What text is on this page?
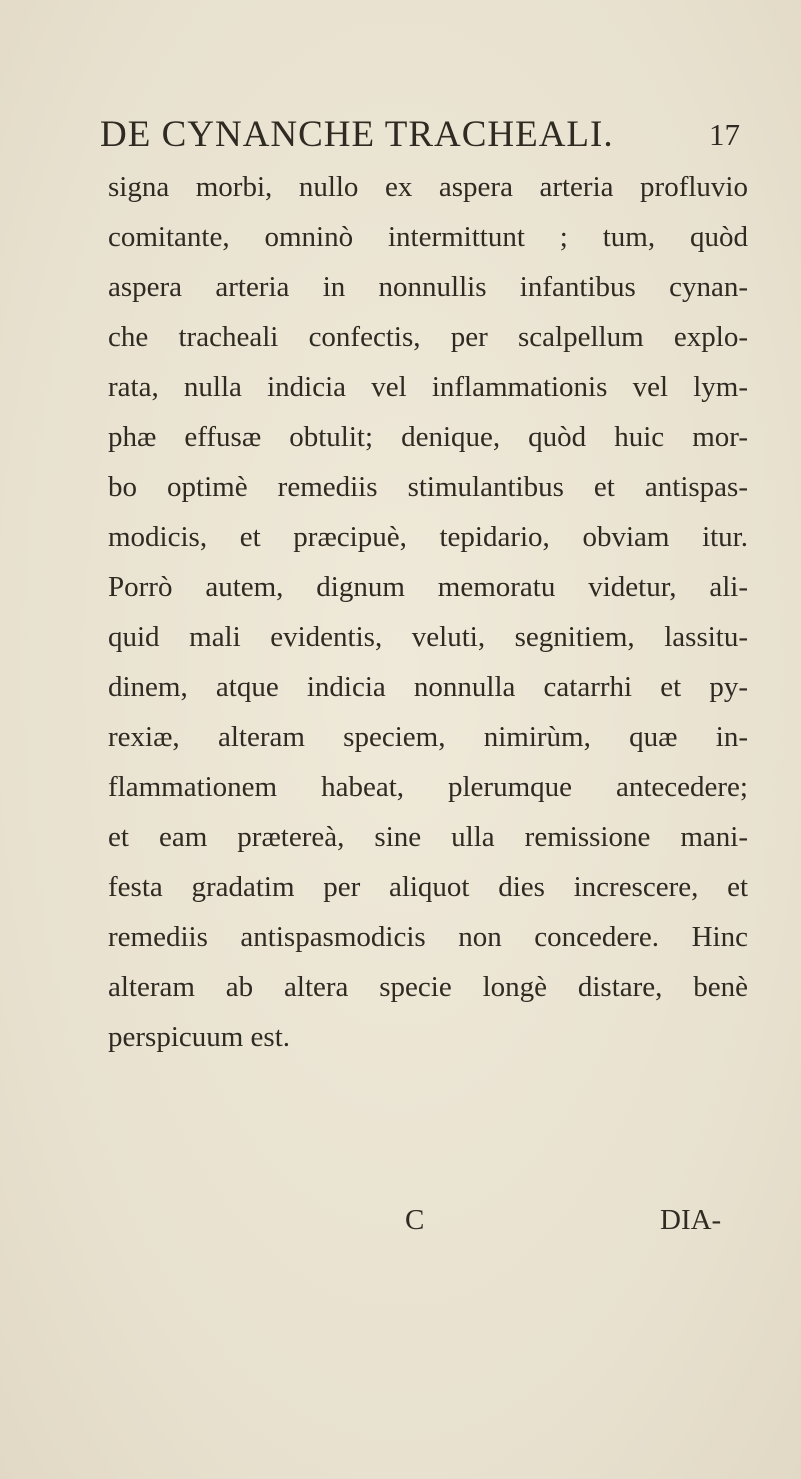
DE CYNANCHE TRACHEALI.	17
signa morbi, nullo ex aspera arteria profluvio
comitante, omninò intermittunt ; tum, quòd
aspera arteria in nonnullis infantibus cynan-
che tracheali confectis, per scalpellum explo-
rata, nulla indicia vel inflammationis vel lym-
phæ effusæ obtulit; denique, quòd huic mor-
bo optimè remediis stimulantibus et antispas-
modicis, et præcipuè, tepidario, obviam itur.
Porrò autem, dignum memoratu videtur, ali-
quid mali evidentis, veluti, segnitiem, lassitu-
dinem, atque indicia nonnulla catarrhi et py-
rexiæ, alteram speciem, nimirùm, quæ in-
flammationem habeat, plerumque antecedere;
et eam prætereà, sine ulla remissione mani-
festa gradatim per aliquot dies increscere, et
remediis antispasmodicis non concedere. Hinc
alteram ab altera specie longè distare, benè
perspicuum est.
C	DIA-
